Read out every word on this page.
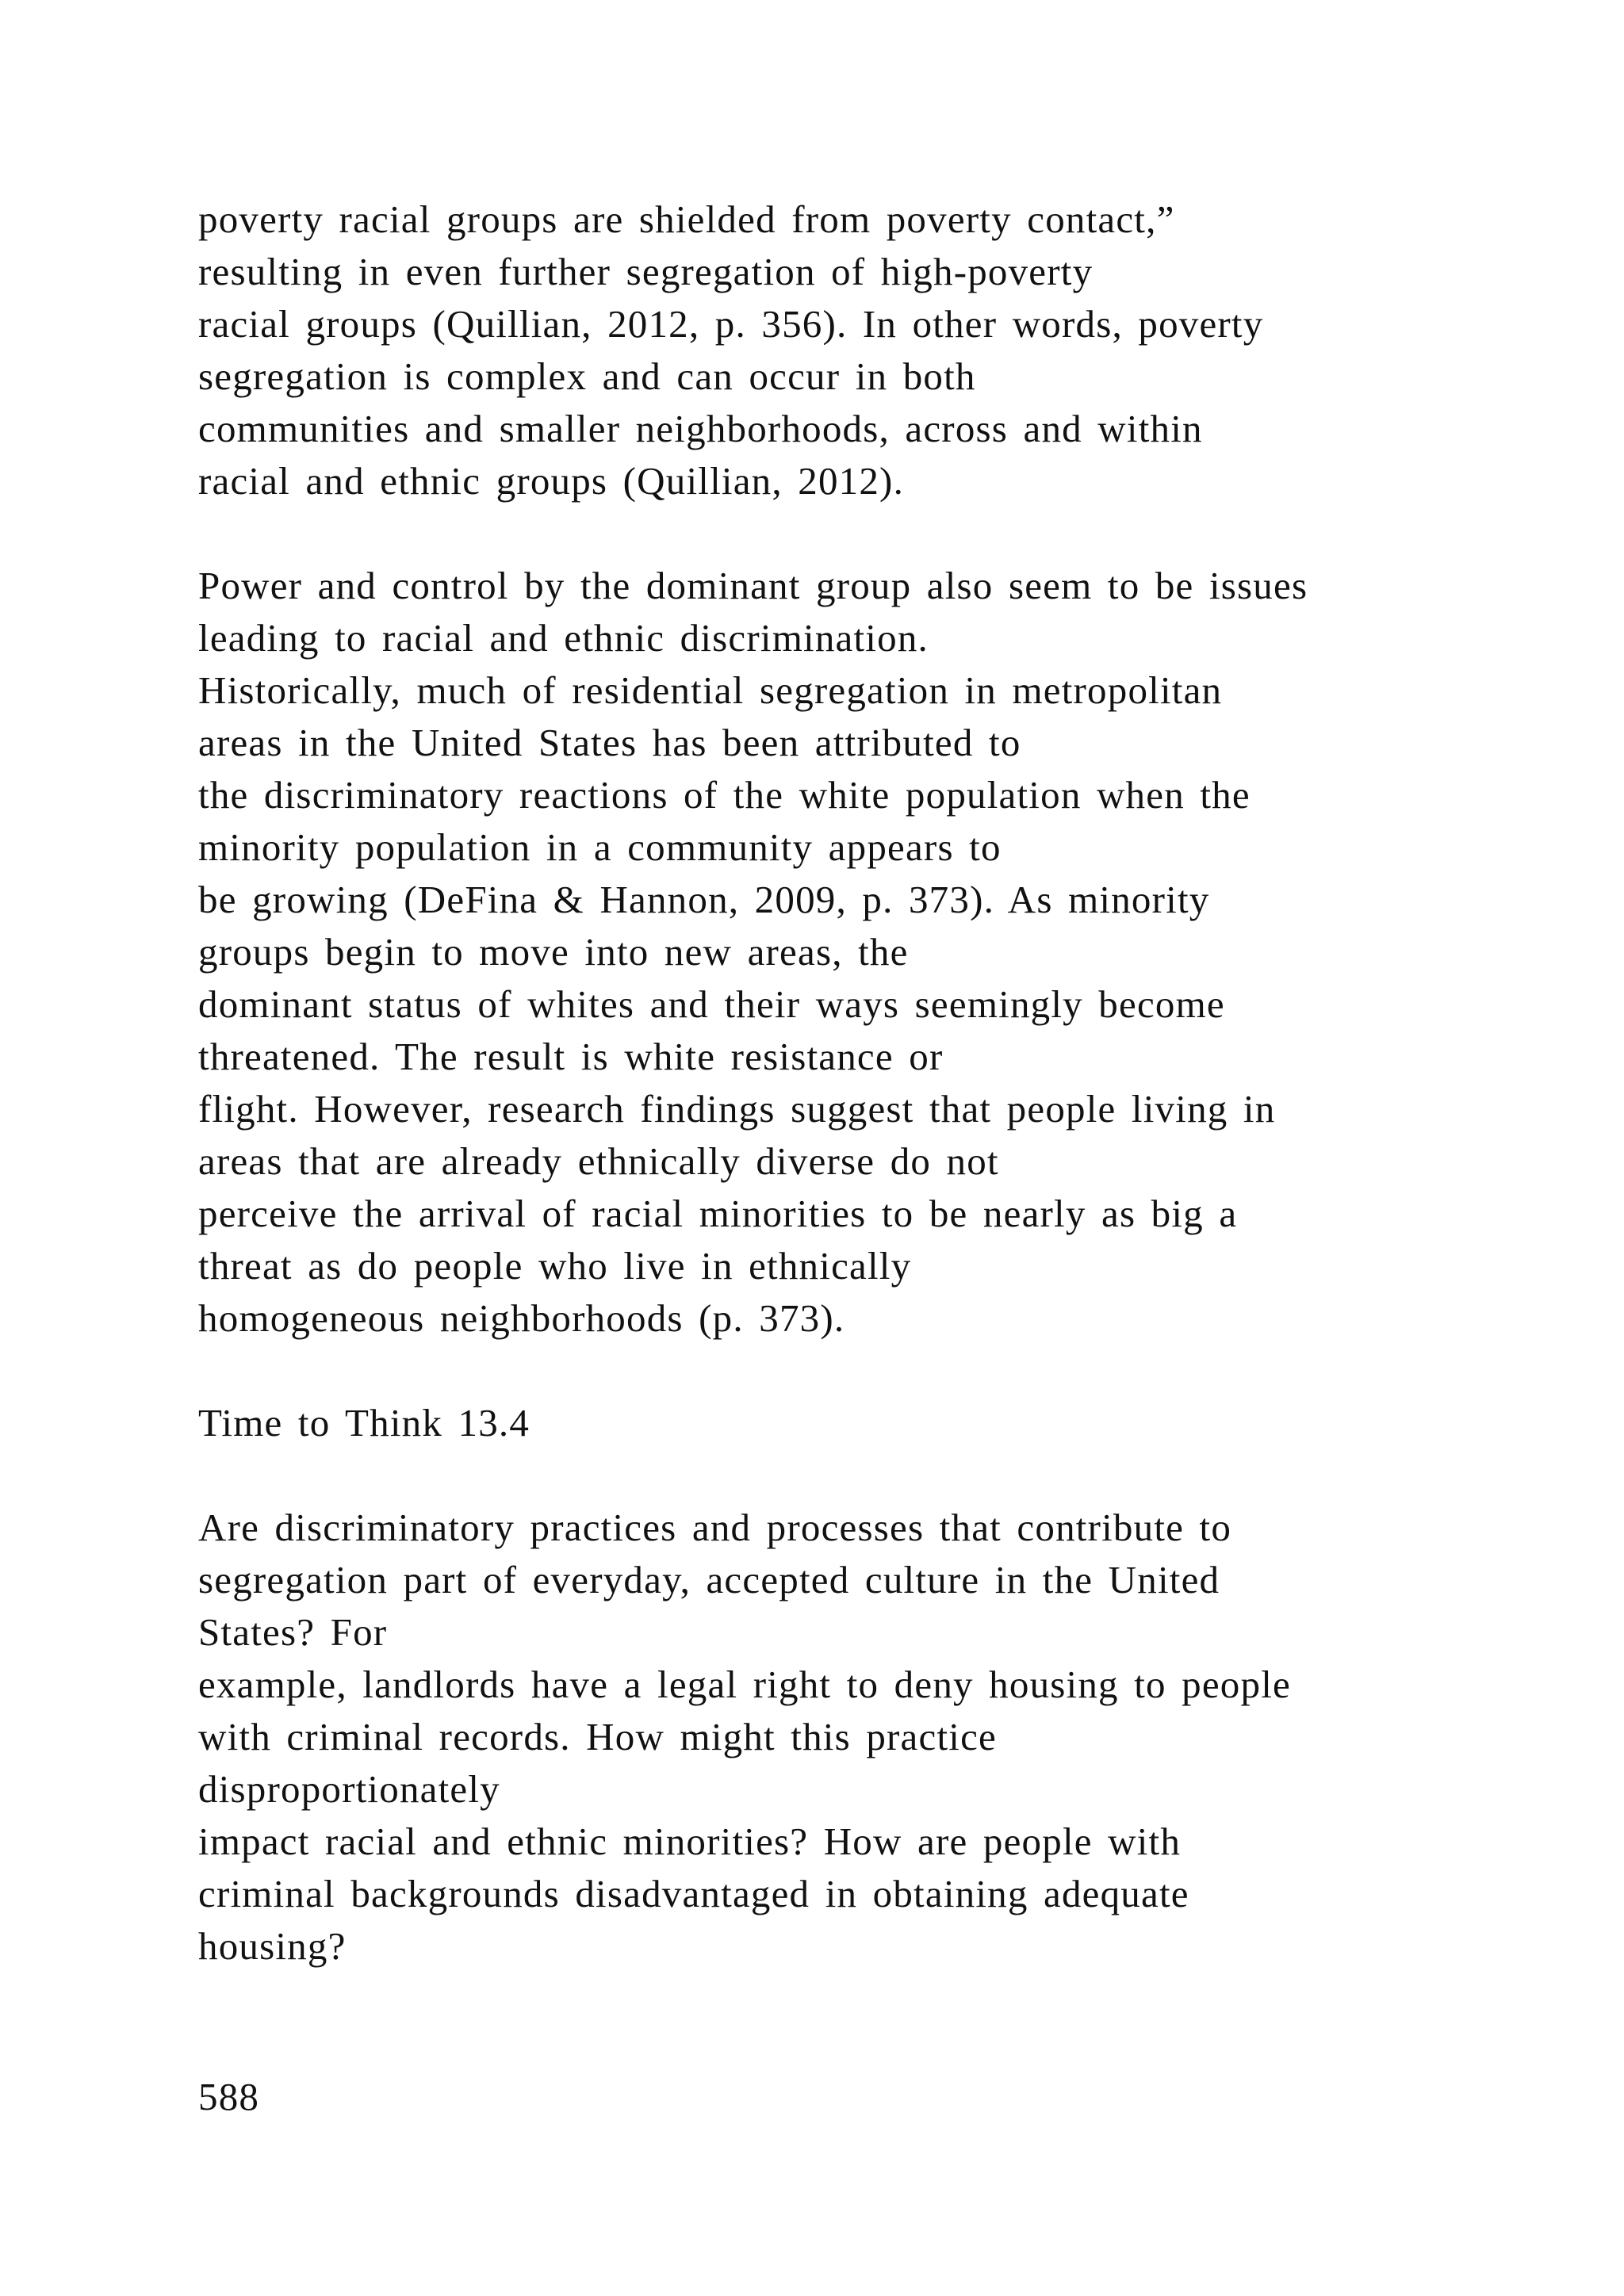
poverty racial groups are shielded from poverty contact,”
resulting in even further segregation of high-poverty
racial groups (Quillian, 2012, p. 356). In other words, poverty
segregation is complex and can occur in both
communities and smaller neighborhoods, across and within
racial and ethnic groups (Quillian, 2012).

Power and control by the dominant group also seem to be issues
leading to racial and ethnic discrimination.
Historically, much of residential segregation in metropolitan
areas in the United States has been attributed to
the discriminatory reactions of the white population when the
minority population in a community appears to
be growing (DeFina & Hannon, 2009, p. 373). As minority
groups begin to move into new areas, the
dominant status of whites and their ways seemingly become
threatened. The result is white resistance or
flight. However, research findings suggest that people living in
areas that are already ethnically diverse do not
perceive the arrival of racial minorities to be nearly as big a
threat as do people who live in ethnically
homogeneous neighborhoods (p. 373).

Time to Think 13.4

Are discriminatory practices and processes that contribute to
segregation part of everyday, accepted culture in the United
States? For
example, landlords have a legal right to deny housing to people
with criminal records. How might this practice
disproportionately
impact racial and ethnic minorities? How are people with
criminal backgrounds disadvantaged in obtaining adequate
housing?

588
